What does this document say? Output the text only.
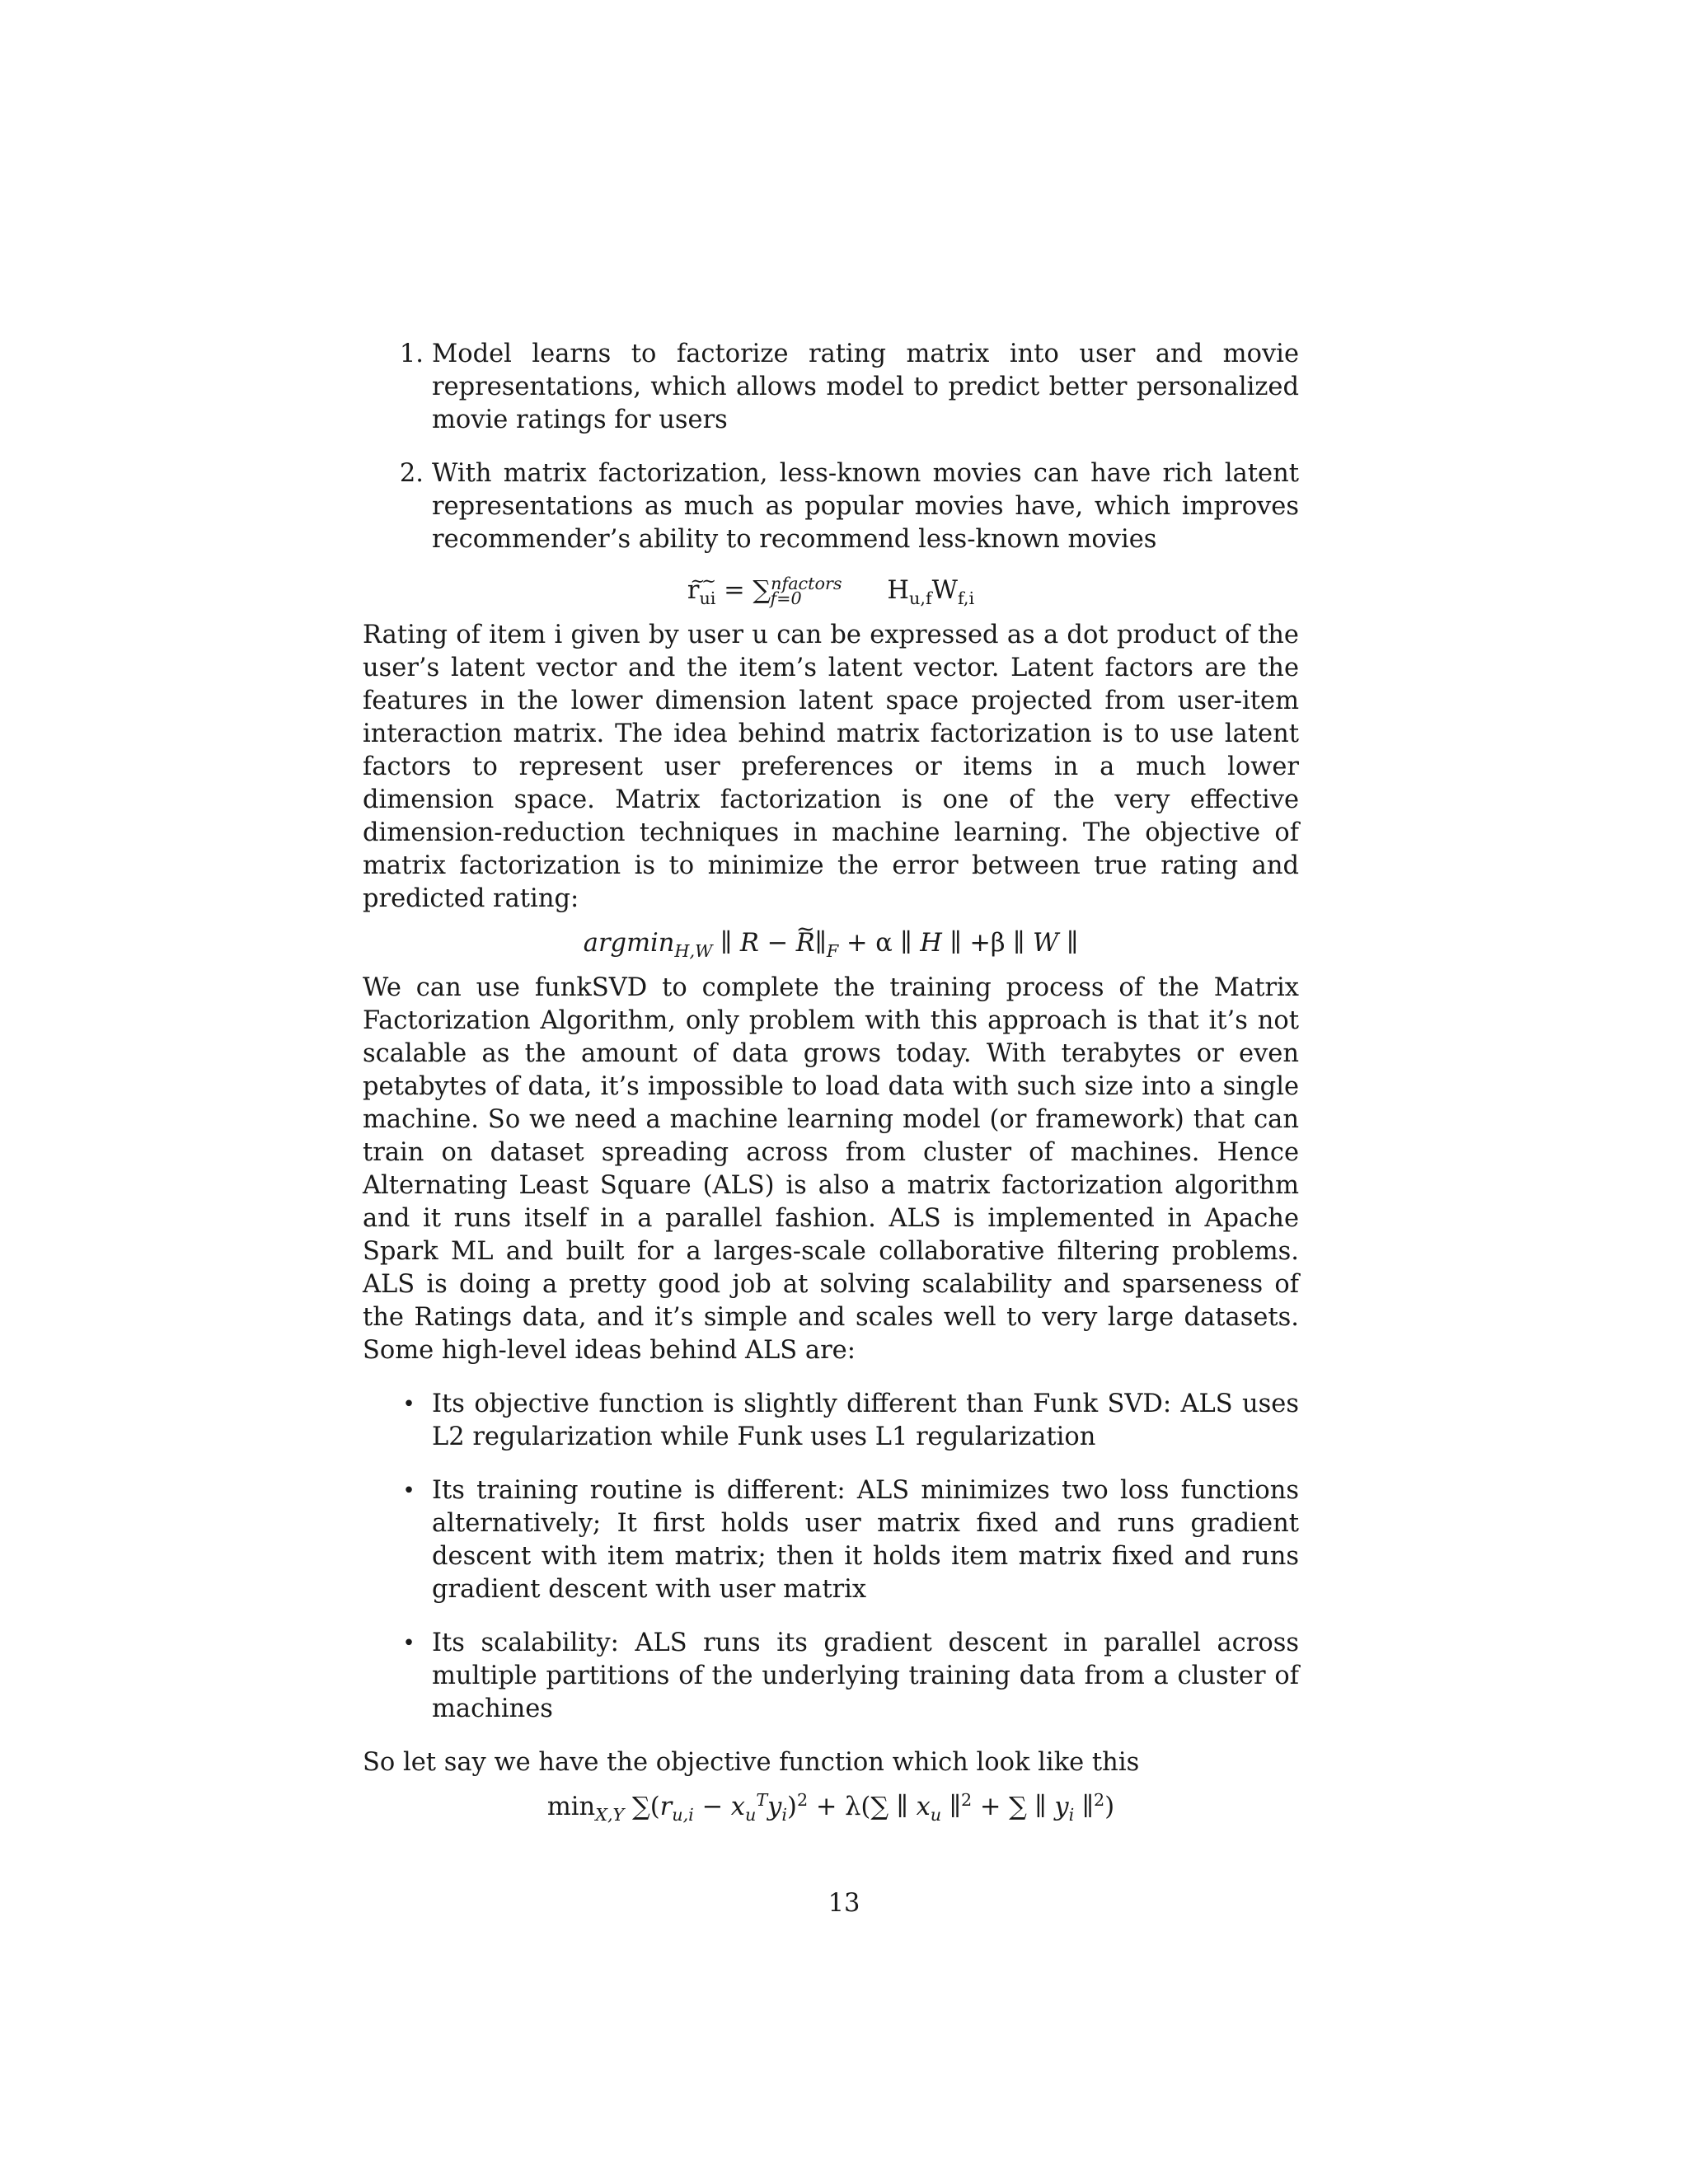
1. Model learns to factorize rating matrix into user and movie representations, which allows model to predict better personalized movie ratings for users
2. With matrix factorization, less-known movies can have rich latent representations as much as popular movies have, which improves recommender’s ability to recommend less-known movies
∼∼ $r_{ui} = \sum^{nfactors}_{f=0}$	$H_{u,f}W_{f,i}$

Rating of item i given by user u can be expressed as a dot product of the user’s latent vector and the item’s latent vector. Latent factors are the features in the lower dimension latent space projected from user-item interaction matrix. The idea behind matrix factorization is to use latent factors to represent user preferences or items in a much lower dimension space. Matrix factorization is one of the very effective dimension-reduction techniques in machine learning. The objective of matrix factorization is to minimize the error between true rating and predicted rating:

argmin$_{H,W}$ ∥ R − ~ $R\parallel_F + \alpha$ ∥ H ∥ +β ∥ W ∥

We can use funkSVD to complete the training process of the Matrix Factorization Algorithm, only problem with this approach is that it’s not scalable as the amount of data grows today. With terabytes or even petabytes of data, it’s impossible to load data with such size into a single machine. So we need a machine learning model (or framework) that can train on dataset spreading across from cluster of machines. Hence Alternating Least Square (ALS) is also a matrix factorization algorithm and it runs itself in a parallel fashion. ALS is implemented in Apache Spark ML and built for a larges-scale collaborative filtering problems. ALS is doing a pretty good job at solving scalability and sparseness of the Ratings data, and it’s simple and scales well to very large datasets. Some high-level ideas behind ALS are:

• Its objective function is slightly different than Funk SVD: ALS uses L2 regularization while Funk uses L1 regularization
• Its training routine is different: ALS minimizes two loss functions alternatively; It first holds user matrix fixed and runs gradient descent with item matrix; then it holds item matrix fixed and runs gradient descent with user matrix
• Its scalability: ALS runs its gradient descent in parallel across multiple partitions of the underlying training data from a cluster of machines

So let say we have the objective function which look like this

$\min_{X,Y} \sum(r_{u,i} - x_u^Ty_i)^2 + \lambda(\sum$ ∥ $x_u$ ∥$^2$ + ∑ ∥ $y_i$ ∥$^2$)
13
